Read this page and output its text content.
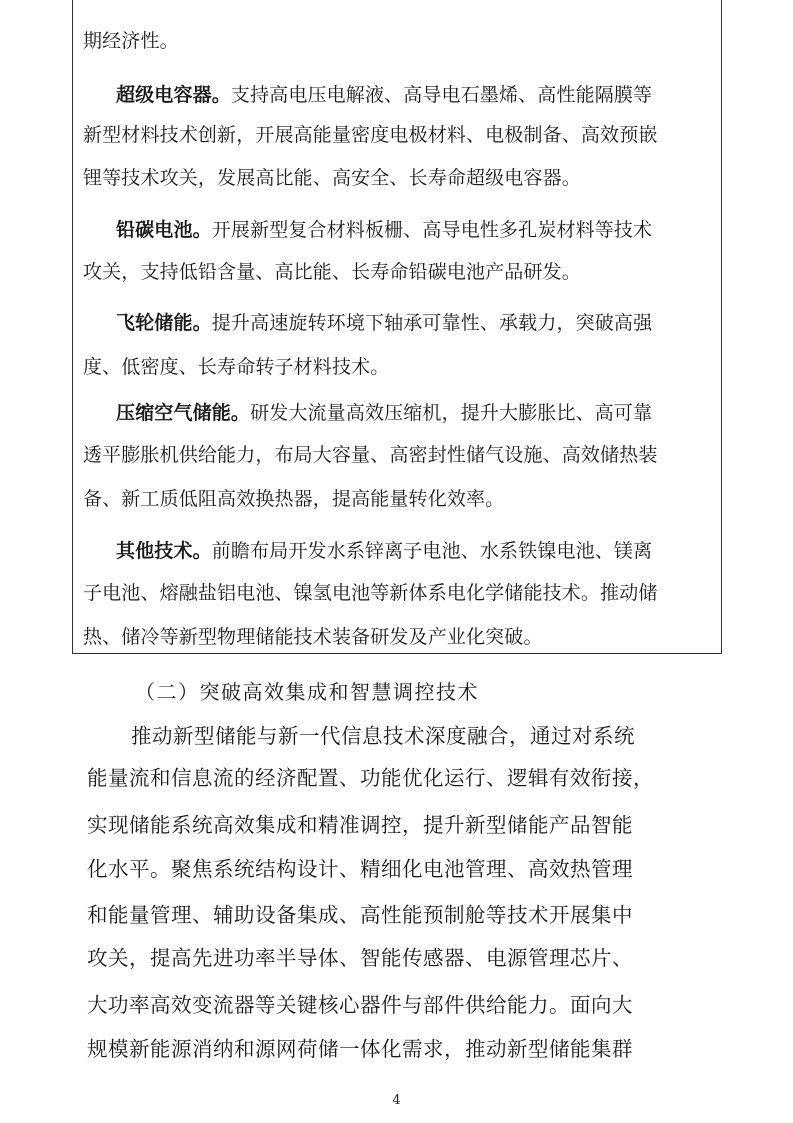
期经济性。
超级电容器。支持高电压电解液、高导电石墨烯、高性能隔膜等
新型材料技术创新，开展高能量密度电极材料、电极制备、高效预嵌
锂等技术攻关，发展高比能、高安全、长寿命超级电容器。
铅碳电池。开展新型复合材料板栅、高导电性多孔炭材料等技术
攻关，支持低铅含量、高比能、长寿命铅碳电池产品研发。
飞轮储能。提升高速旋转环境下轴承可靠性、承载力，突破高强
度、低密度、长寿命转子材料技术。
压缩空气储能。研发大流量高效压缩机，提升大膨胀比、高可靠
透平膨胀机供给能力，布局大容量、高密封性储气设施、高效储热装
备、新工质低阻高效换热器，提高能量转化效率。
其他技术。前瞻布局开发水系锌离子电池、水系铁镍电池、镁离
子电池、熔融盐铝电池、镍氢电池等新体系电化学储能技术。推动储
热、储冷等新型物理储能技术装备研发及产业化突破。
（二）突破高效集成和智慧调控技术
推动新型储能与新一代信息技术深度融合，通过对系统
能量流和信息流的经济配置、功能优化运行、逻辑有效衔接，
实现储能系统高效集成和精准调控，提升新型储能产品智能
化水平。聚焦系统结构设计、精细化电池管理、高效热管理
和能量管理、辅助设备集成、高性能预制舱等技术开展集中
攻关，提高先进功率半导体、智能传感器、电源管理芯片、
大功率高效变流器等关键核心器件与部件供给能力。面向大
规模新能源消纳和源网荷储一体化需求，推动新型储能集群
4
